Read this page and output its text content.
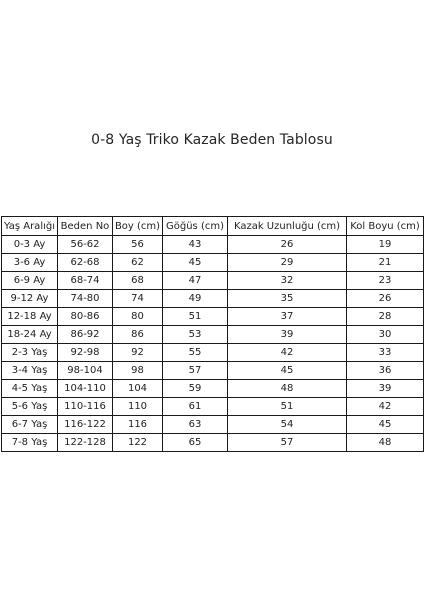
0-8 Yaş Triko Kazak Beden Tablosu
Yaş Aralığı	Beden No	Boy (cm)	Göğüs (cm)	Kazak Uzunluğu (cm)	Kol Boyu (cm)
0-3 Ay	56-62	56	43	26	19
3-6 Ay	62-68	62	45	29	21
6-9 Ay	68-74	68	47	32	23
9-12 Ay	74-80	74	49	35	26
12-18 Ay	80-86	80	51	37	28
18-24 Ay	86-92	86	53	39	30
2-3 Yaş	92-98	92	55	42	33
3-4 Yaş	98-104	98	57	45	36
4-5 Yaş	104-110	104	59	48	39
5-6 Yaş	110-116	110	61	51	42
6-7 Yaş	116-122	116	63	54	45
7-8 Yaş	122-128	122	65	57	48
